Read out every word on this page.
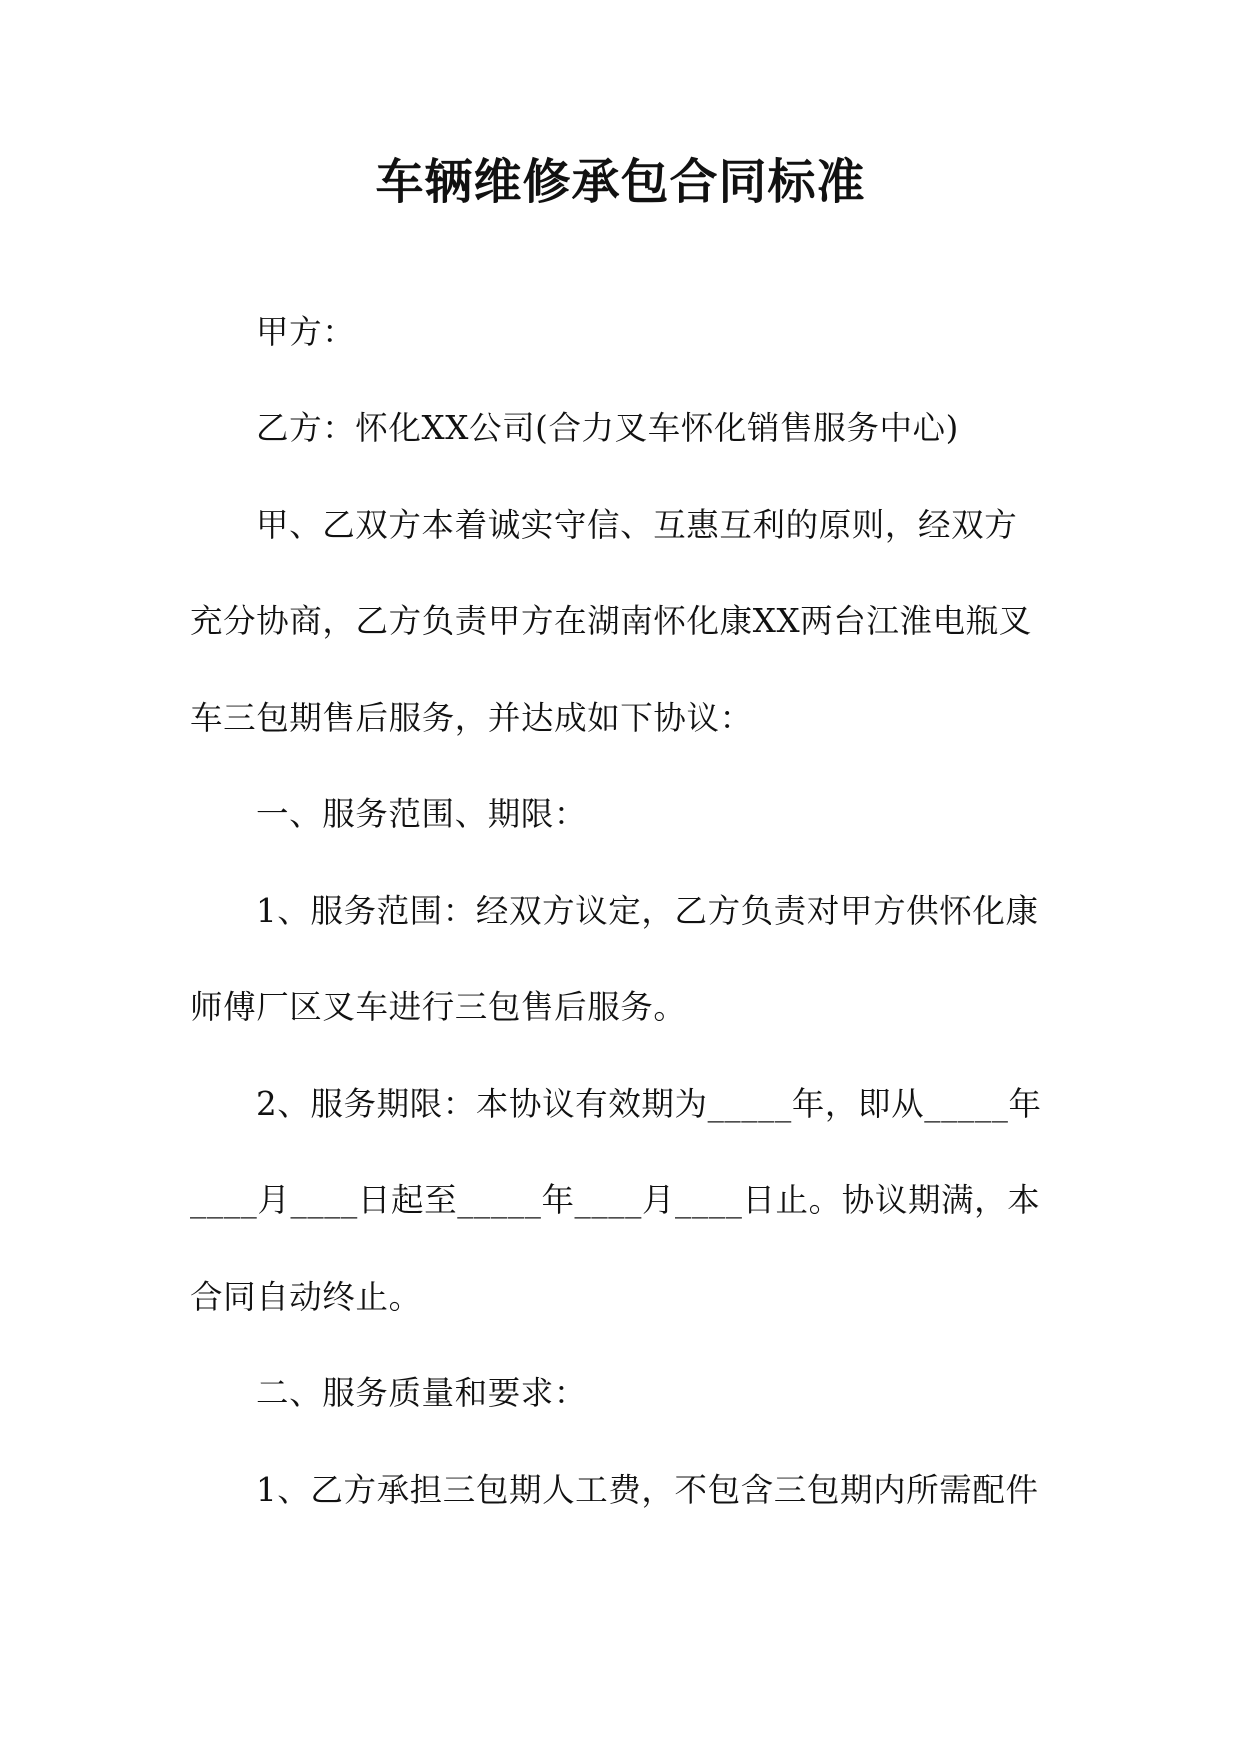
车辆维修承包合同标准
甲方：
乙方：怀化XX公司(合力叉车怀化销售服务中心)
甲、乙双方本着诚实守信、互惠互利的原则，经双方
充分协商，乙方负责甲方在湖南怀化康XX两台江淮电瓶叉
车三包期售后服务，并达成如下协议：
一、服务范围、期限：
1、服务范围：经双方议定，乙方负责对甲方供怀化康
师傅厂区叉车进行三包售后服务。
2、服务期限：本协议有效期为_____年，即从_____年
____月____日起至_____年____月____日止。协议期满，本
合同自动终止。
二、服务质量和要求：
1、乙方承担三包期人工费，不包含三包期内所需配件
